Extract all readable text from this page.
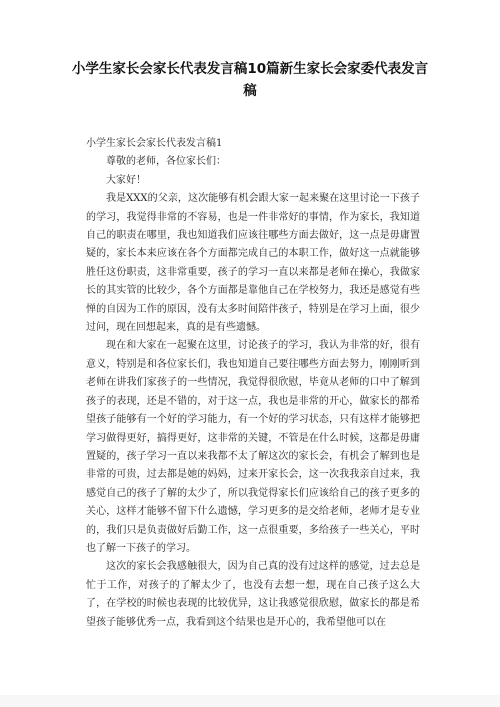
小学生家长会家长代表发言稿10篇新生家长会家委代表发言稿

小学生家长会家长代表发言稿1

尊敬的老师，各位家长们：

大家好！

我是XXX的父亲，这次能够有机会跟大家一起来聚在这里讨论一下孩子的学习，我觉得非常的不容易，也是一件非常好的事情，作为家长，我知道自己的职责在哪里，我也知道我们应该往哪些方面去做好，这一点是毋庸置疑的，家长本来应该在各个方面都完成自己的本职工作，做好这一点就能够胜任这份职责，这非常重要，孩子的学习一直以来都是老师在操心，我做家长的其实管的比较少，各个方面都是靠他自己在学校努力，我还是感觉有些惮的自因为工作的原因，没有太多时间陪伴孩子，特别是在学习上面，很少过问，现在回想起来，真的是有些遗憾。

现在和大家在一起聚在这里，讨论孩子的学习，我认为非常的好，很有意义，特别是和各位家长们，我也知道自己要往哪些方面去努力，刚刚听到老师在讲我们家孩子的一些情况，我觉得很欣慰，毕竟从老师的口中了解到孩子的表现，还是不错的，对于这一点，我也是非常的开心，做家长的都希望孩子能够有一个好的学习能力，有一个好的学习状态，只有这样才能够把学习做得更好，搞得更好，这非常的关键，不管是在什么时候，这都是毋庸置疑的，孩子学习一直以来我都不太了解这次的家长会，有机会了解到也是非常的可贵，过去都是她的妈妈，过来开家长会，这一次我我亲自过来，我感觉自己的孩子了解的太少了，所以我觉得家长们应该给自己的孩子更多的关心，这样才能够不留下什么遗憾，学习更多的是交给老师，老师才是专业的，我们只是负责做好后勤工作，这一点很重要，多给孩子一些关心，平时也了解一下孩子的学习。

这次的家长会我感触很大，因为自己真的没有过这样的感觉，过去总是忙于工作，对孩子的了解太少了，也没有去想一想，现在自己孩子这么大了，在学校的时候也表现的比较优异，这让我感觉很欣慰，做家长的都是希望孩子能够优秀一点，我看到这个结果也是开心的，我希望他可以在
